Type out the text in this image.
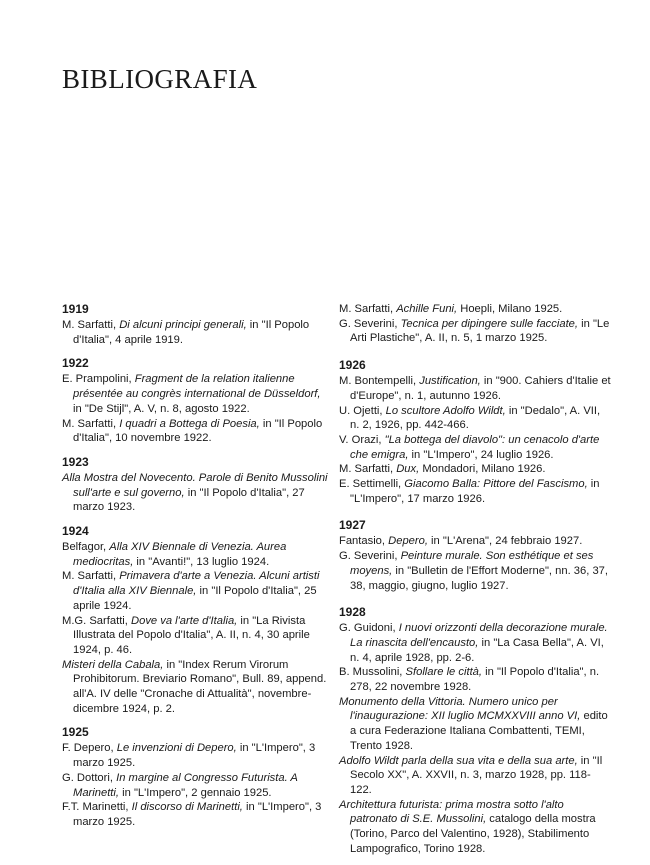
BIBLIOGRAFIA
1919

M. Sarfatti, Di alcuni principi generali, in "Il Popolo d'Italia", 4 aprile 1919.

1922

E. Prampolini, Fragment de la relation italienne présentée au congrès international de Düsseldorf, in "De Stijl", A. V, n. 8, agosto 1922.

M. Sarfatti, I quadri a Bottega di Poesia, in "Il Popolo d'Italia", 10 novembre 1922.

1923

Alla Mostra del Novecento. Parole di Benito Mussolini sull'arte e sul governo, in "Il Popolo d'Italia", 27 marzo 1923.

1924

Belfagor, Alla XIV Biennale di Venezia. Aurea mediocritas, in "Avanti!", 13 luglio 1924.

M. Sarfatti, Primavera d'arte a Venezia. Alcuni artisti d'Italia alla XIV Biennale, in "Il Popolo d'Italia", 25 aprile 1924.

M.G. Sarfatti, Dove va l'arte d'Italia, in "La Rivista Illustrata del Popolo d'Italia", A. II, n. 4, 30 aprile 1924, p. 46.

Misteri della Cabala, in "Index Rerum Virorum Prohibitorum. Breviario Romano", Bull. 89, append. all'A. IV delle "Cronache di Attualità", novembre-dicembre 1924, p. 2.

1925

F. Depero, Le invenzioni di Depero, in "L'Impero", 3 marzo 1925.

G. Dottori, In margine al Congresso Futurista. A Marinetti, in "L'Impero", 2 gennaio 1925.

F.T. Marinetti, Il discorso di Marinetti, in "L'Impero", 3 marzo 1925.

M. Sarfatti, Achille Funi, Hoepli, Milano 1925.

G. Severini, Tecnica per dipingere sulle facciate, in "Le Arti Plastiche", A. II, n. 5, 1 marzo 1925.

1926

M. Bontempelli, Justification, in "900. Cahiers d'Italie et d'Europe", n. 1, autunno 1926.

U. Ojetti, Lo scultore Adolfo Wildt, in "Dedalo", A. VII, n. 2, 1926, pp. 442-466.

V. Orazi, "La bottega del diavolo": un cenacolo d'arte che emigra, in "L'Impero", 24 luglio 1926.

M. Sarfatti, Dux, Mondadori, Milano 1926.

E. Settimelli, Giacomo Balla: Pittore del Fascismo, in "L'Impero", 17 marzo 1926.

1927

Fantasio, Depero, in "L'Arena", 24 febbraio 1927.

G. Severini, Peinture murale. Son esthétique et ses moyens, in "Bulletin de l'Effort Moderne", nn. 36, 37, 38, maggio, giugno, luglio 1927.

1928

G. Guidoni, I nuovi orizzonti della decorazione murale. La rinascita dell'encausto, in "La Casa Bella", A. VI, n. 4, aprile 1928, pp. 2-6.

B. Mussolini, Sfollare le città, in "Il Popolo d'Italia", n. 278, 22 novembre 1928.

Monumento della Vittoria. Numero unico per l'inaugurazione: XII luglio MCMXXVIII anno VI, edito a cura Federazione Italiana Combattenti, TEMI, Trento 1928.

Adolfo Wildt parla della sua vita e della sua arte, in "Il Secolo XX", A. XXVII, n. 3, marzo 1928, pp. 118-122.

Architettura futurista: prima mostra sotto l'alto patronato di S.E. Mussolini, catalogo della mostra (Torino, Parco del Valentino, 1928), Stabilimento Lampografico, Torino 1928.
